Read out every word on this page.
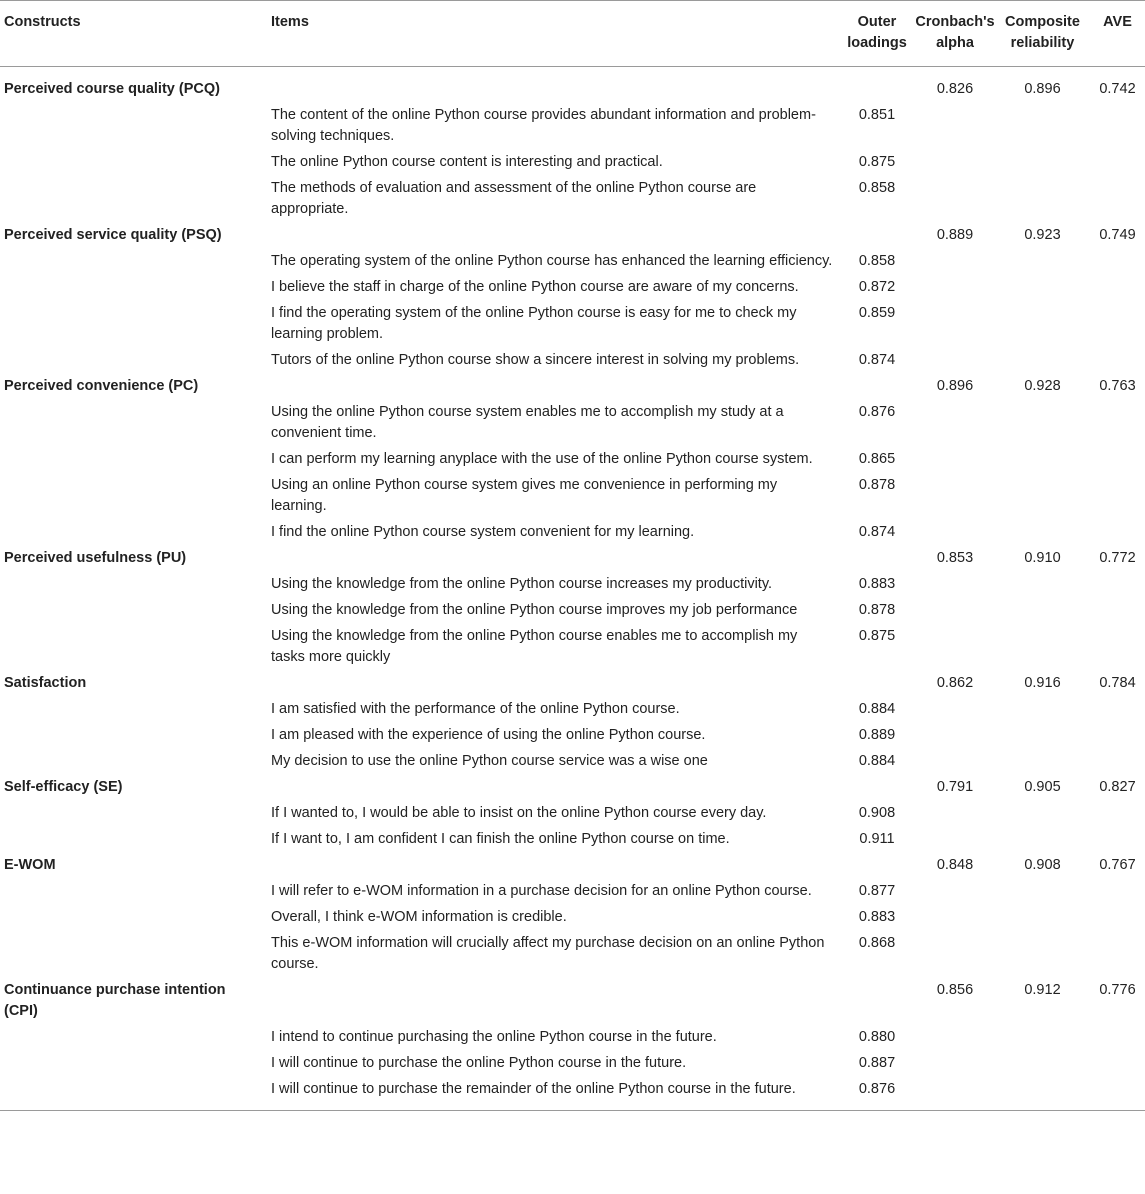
Constructs	Items	Outer loadings	Cronbach's alpha	Composite reliability	AVE
Perceived course quality (PCQ)			0.826	0.896	0.742
	The content of the online Python course provides abundant information and problem-solving techniques.	0.851			
	The online Python course content is interesting and practical.	0.875			
	The methods of evaluation and assessment of the online Python course are appropriate.	0.858			
Perceived service quality (PSQ)			0.889	0.923	0.749
	The operating system of the online Python course has enhanced the learning efficiency.	0.858			
	I believe the staff in charge of the online Python course are aware of my concerns.	0.872			
	I find the operating system of the online Python course is easy for me to check my learning problem.	0.859			
	Tutors of the online Python course show a sincere interest in solving my problems.	0.874			
Perceived convenience (PC)			0.896	0.928	0.763
	Using the online Python course system enables me to accomplish my study at a convenient time.	0.876			
	I can perform my learning anyplace with the use of the online Python course system.	0.865			
	Using an online Python course system gives me convenience in performing my learning.	0.878			
	I find the online Python course system convenient for my learning.	0.874			
Perceived usefulness (PU)			0.853	0.910	0.772
	Using the knowledge from the online Python course increases my productivity.	0.883			
	Using the knowledge from the online Python course improves my job performance	0.878			
	Using the knowledge from the online Python course enables me to accomplish my tasks more quickly	0.875			
Satisfaction			0.862	0.916	0.784
	I am satisfied with the performance of the online Python course.	0.884			
	I am pleased with the experience of using the online Python course.	0.889			
	My decision to use the online Python course service was a wise one	0.884			
Self-efficacy (SE)			0.791	0.905	0.827
	If I wanted to, I would be able to insist on the online Python course every day.	0.908			
	If I want to, I am confident I can finish the online Python course on time.	0.911			
E-WOM			0.848	0.908	0.767
	I will refer to e-WOM information in a purchase decision for an online Python course.	0.877			
	Overall, I think e-WOM information is credible.	0.883			
	This e-WOM information will crucially affect my purchase decision on an online Python course.	0.868			
Continuance purchase intention (CPI)			0.856	0.912	0.776
	I intend to continue purchasing the online Python course in the future.	0.880			
	I will continue to purchase the online Python course in the future.	0.887			
	I will continue to purchase the remainder of the online Python course in the future.	0.876			
